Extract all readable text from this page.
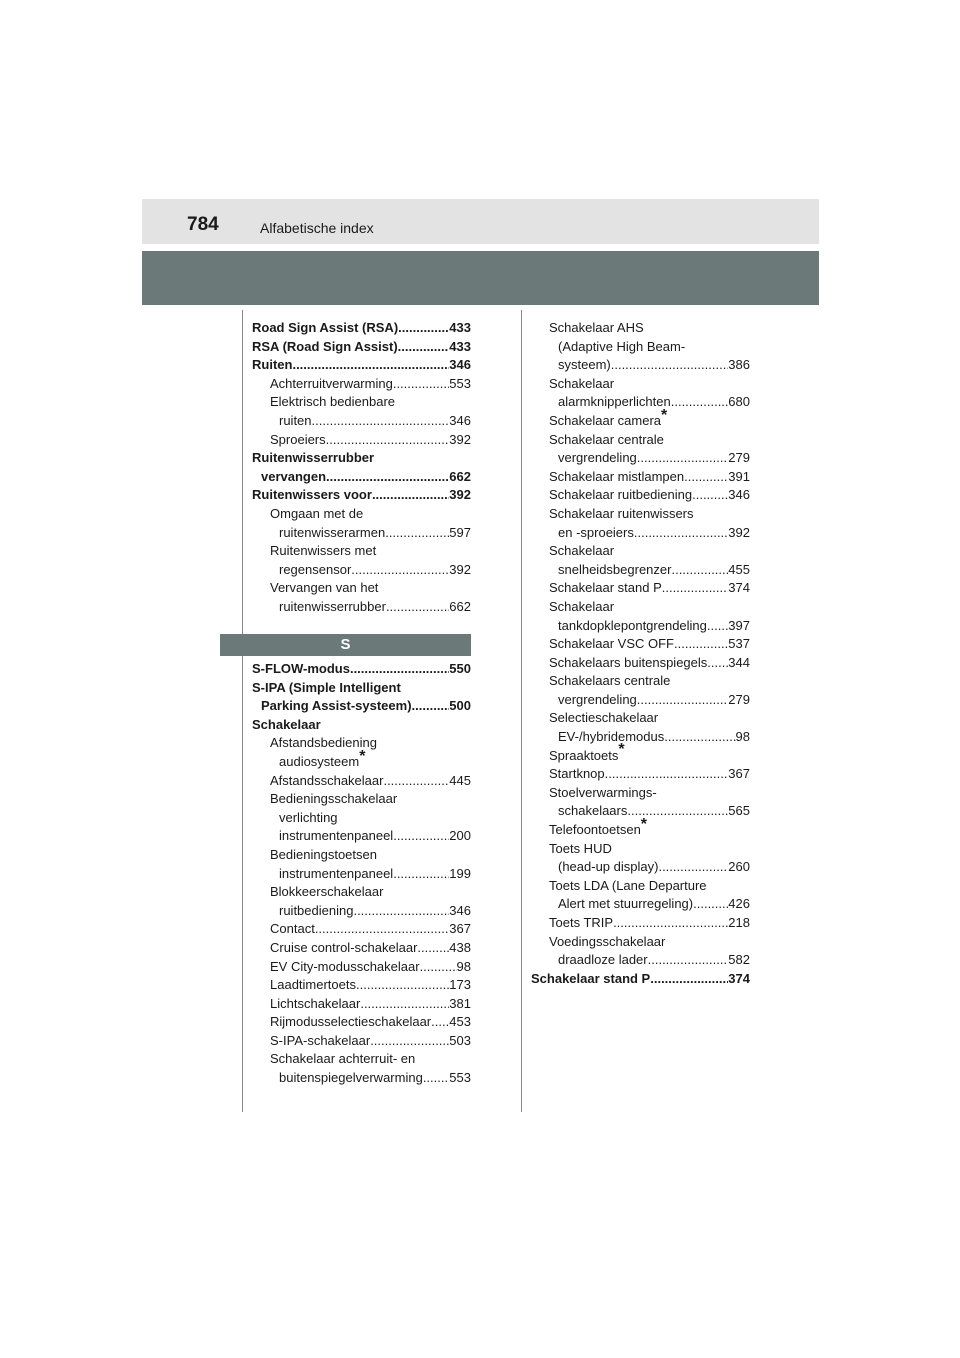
784	Alfabetische index
Road Sign Assist (RSA) .....	433
RSA (Road Sign Assist) .....	433
Ruiten .....	346
Achterruitverwarming .....	553
Elektrisch bedienbare
ruiten .....	346
Sproeiers .....	392
Ruitenwisserrubber
vervangen .....	662
Ruitenwissers voor .....	392
Omgaan met de
ruitenwisserarmen .....	597
Ruitenwissers met
regensensor .....	392
Vervangen van het
ruitenwisserrubber .....	662
S
S-FLOW-modus .....	550
S-IPA (Simple Intelligent
Parking Assist-systeem) .....	500
Schakelaar
Afstandsbediening
audiosysteem*
Afstandsschakelaar .....	445
Bedieningsschakelaar
verlichting
instrumentenpaneel .....	200
Bedieningstoetsen
instrumentenpaneel .....	199
Blokkeerschakelaar
ruitbediening .....	346
Contact .....	367
Cruise control-schakelaar ..... 438
EV City-modusschakelaar .....	98
Laadtimertoets .....	173
Lichtschakelaar .....	381
Rijmodusselectieschakelaar ..... 453
S-IPA-schakelaar .....	503
Schakelaar achterruit- en
buitenspiegelverwarming ..... 553
Schakelaar AHS
(Adaptive High Beam-
systeem) .....	386
Schakelaar
alarmknipperlichten .....	680
Schakelaar camera*
Schakelaar centrale
vergrendeling .....	279
Schakelaar mistlampen .....	391
Schakelaar ruitbediening .....	346
Schakelaar ruitenwissers
en -sproeiers .....	392
Schakelaar
snelheidsbegrenzer .....	455
Schakelaar stand P .....	374
Schakelaar
tankdopklepontgrendeling ..... 397
Schakelaar VSC OFF .....	537
Schakelaars buitenspiegels ..... 344
Schakelaars centrale
vergrendeling .....	279
Selectieschakelaar
EV-/hybridemodus .....	98
Spraaktoets*
Startknop .....	367
Stoelverwarmings-
schakelaars .....	565
Telefoontoetsen*
Toets HUD
(head-up display) .....	260
Toets LDA (Lane Departure
Alert met stuurregeling) .....	426
Toets TRIP .....	218
Voedingsschakelaar
draadloze lader .....	582
Schakelaar stand P .....	374
